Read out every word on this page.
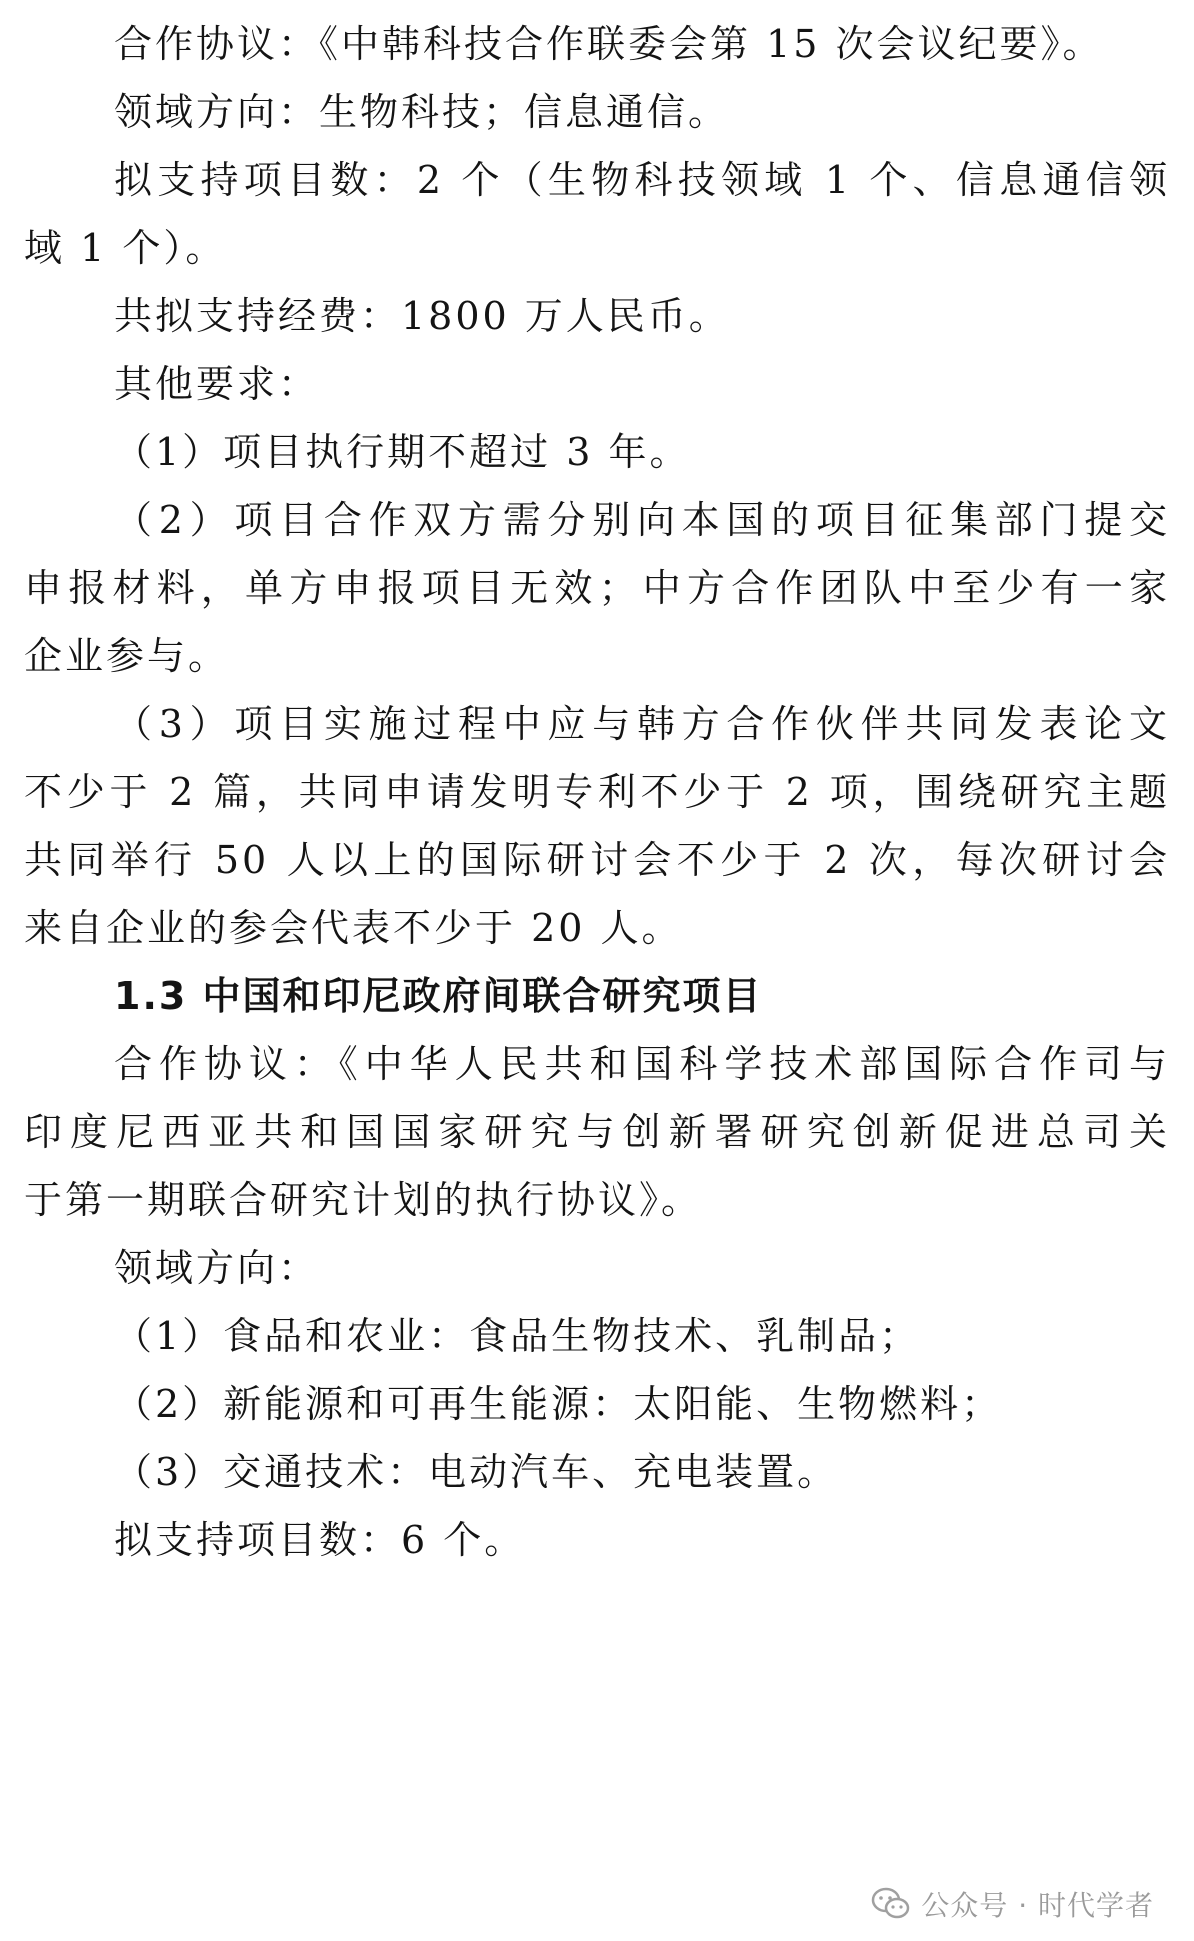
合作协议：《中韩科技合作联委会第 15 次会议纪要》。
领域方向：生物科技；信息通信。
拟支持项目数：2 个（生物科技领域 1 个、信息通信领
域 1 个）。
共拟支持经费：1800 万人民币。
其他要求：
（1）项目执行期不超过 3 年。
（2）项目合作双方需分别向本国的项目征集部门提交
申报材料，单方申报项目无效；中方合作团队中至少有一家
企业参与。
（3）项目实施过程中应与韩方合作伙伴共同发表论文
不少于 2 篇，共同申请发明专利不少于 2 项，围绕研究主题
共同举行 50 人以上的国际研讨会不少于 2 次，每次研讨会
来自企业的参会代表不少于 20 人。
1.3 中国和印尼政府间联合研究项目
合作协议：《中华人民共和国科学技术部国际合作司与
印度尼西亚共和国国家研究与创新署研究创新促进总司关
于第一期联合研究计划的执行协议》。
领域方向：
（1）食品和农业：食品生物技术、乳制品；
（2）新能源和可再生能源：太阳能、生物燃料；
（3）交通技术：电动汽车、充电装置。
拟支持项目数：6 个。
公众号 · 时代学者
